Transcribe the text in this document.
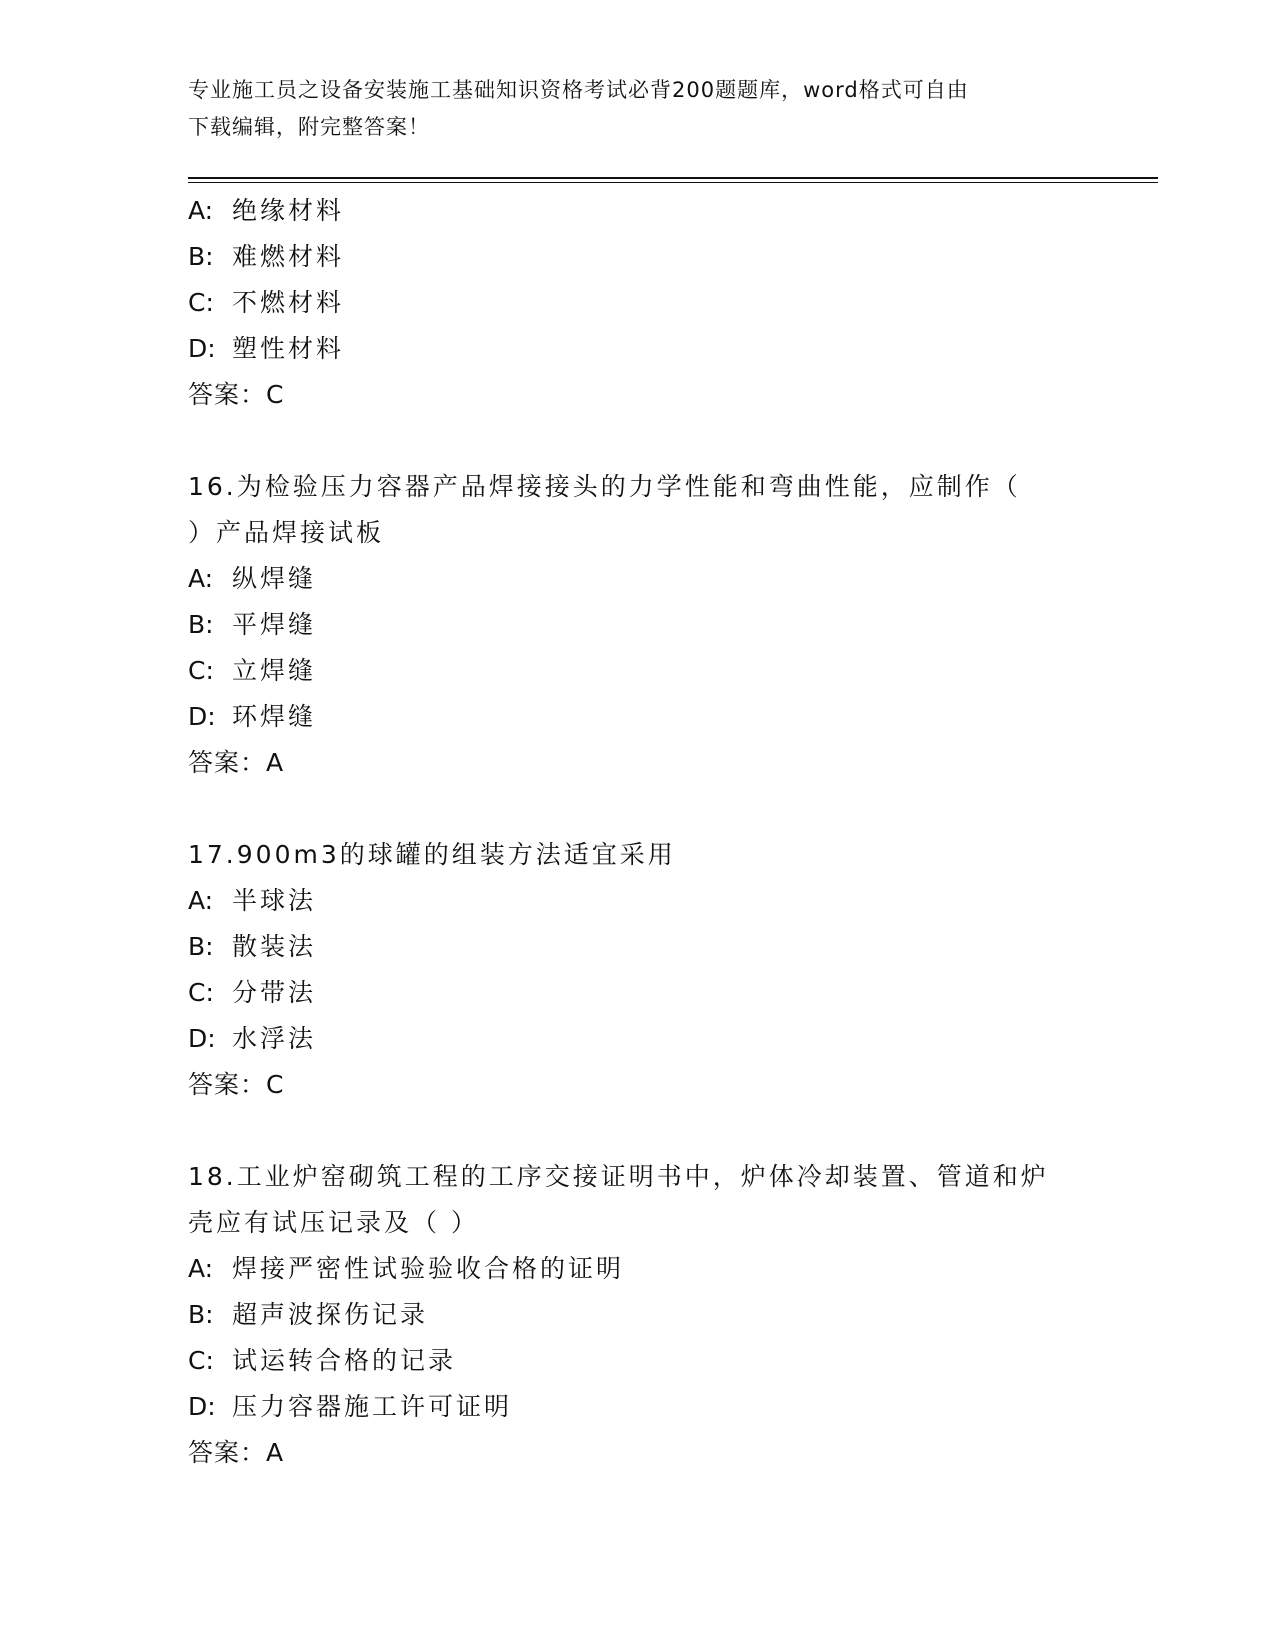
专业施工员之设备安装施工基础知识资格考试必背200题题库，word格式可自由
下载编辑，附完整答案！
A: 绝缘材料
B: 难燃材料
C: 不燃材料
D: 塑性材料
答案：C
16.为检验压力容器产品焊接接头的力学性能和弯曲性能，应制作（
）产品焊接试板
A: 纵焊缝
B: 平焊缝
C: 立焊缝
D: 环焊缝
答案：A
17.900m3的球罐的组装方法适宜采用
A: 半球法
B: 散装法
C: 分带法
D: 水浮法
答案：C
18.工业炉窑砌筑工程的工序交接证明书中，炉体冷却装置、管道和炉
壳应有试压记录及（ ）
A: 焊接严密性试验验收合格的证明
B: 超声波探伤记录
C: 试运转合格的记录
D: 压力容器施工许可证明
答案：A
